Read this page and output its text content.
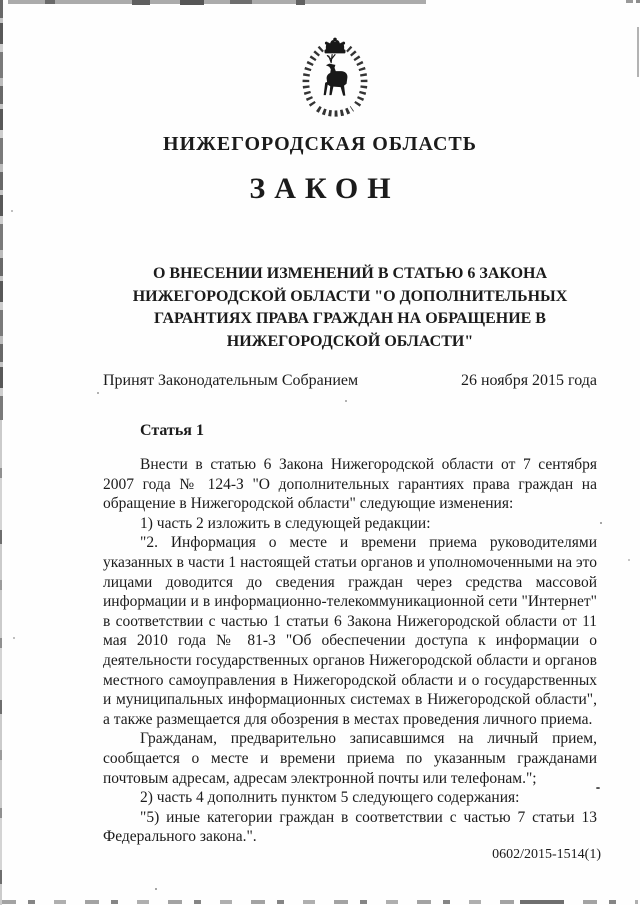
НИЖЕГОРОДСКАЯ ОБЛАСТЬ
ЗАКОН
О ВНЕСЕНИИ ИЗМЕНЕНИЙ В СТАТЬЮ 6 ЗАКОНА
НИЖЕГОРОДСКОЙ ОБЛАСТИ "О ДОПОЛНИТЕЛЬНЫХ
ГАРАНТИЯХ ПРАВА ГРАЖДАН НА ОБРАЩЕНИЕ В
НИЖЕГОРОДСКОЙ ОБЛАСТИ"
Принят Законодательным Собранием	26 ноября 2015 года
Статья 1

Внести в статью 6 Закона Нижегородской области от 7 сентября 2007 года № 124-З "О дополнительных гарантиях права граждан на обращение в Нижегородской области" следующие изменения:

1) часть 2 изложить в следующей редакции:

"2. Информация о месте и времени приема руководителями указанных в части 1 настоящей статьи органов и уполномоченными на это лицами доводится до сведения граждан через средства массовой информации и в информационно-телекоммуникационной сети "Интернет" в соответствии с частью 1 статьи 6 Закона Нижегородской области от 11 мая 2010 года № 81-З "Об обеспечении доступа к информации о деятельности государственных органов Нижегородской области и органов местного самоуправления в Нижегородской области и о государственных и муниципальных информационных системах в Нижегородской области", а также размещается для обозрения в местах проведения личного приема.

Гражданам, предварительно записавшимся на личный прием, сообщается о месте и времени приема по указанным гражданами почтовым адресам, адресам электронной почты или телефонам.";

2) часть 4 дополнить пунктом 5 следующего содержания:

"5) иные категории граждан в соответствии с частью 7 статьи 13 Федерального закона.".

0602/2015-1514(1)
